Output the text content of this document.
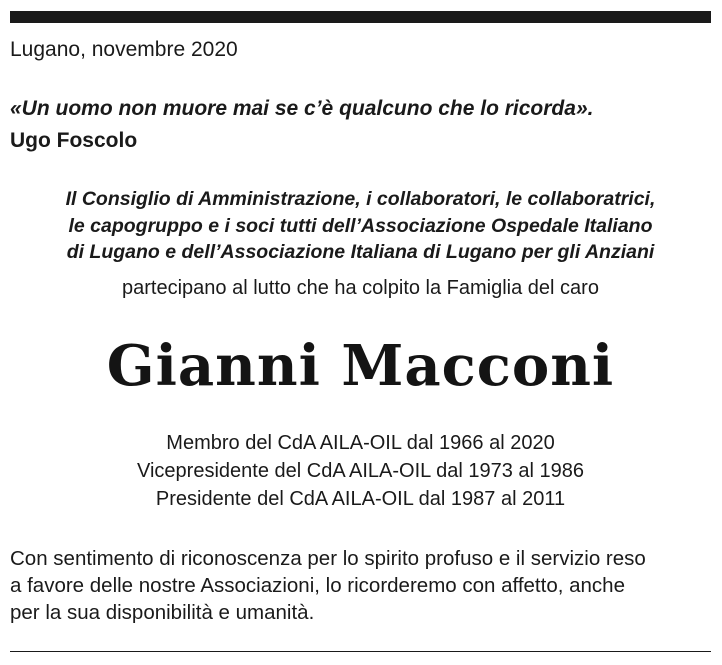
Lugano, novembre 2020
«Un uomo non muore mai se c’è qualcuno che lo ricorda».
Ugo Foscolo
Il Consiglio di Amministrazione, i collaboratori, le collaboratrici,
le capogruppo e i soci tutti dell’Associazione Ospedale Italiano
di Lugano e dell’Associazione Italiana di Lugano per gli Anziani
partecipano al lutto che ha colpito la Famiglia del caro
Gianni Macconi
Membro del CdA AILA-OIL dal 1966 al 2020
Vicepresidente del CdA AILA-OIL dal 1973 al 1986
Presidente del CdA AILA-OIL dal 1987 al 2011
Con sentimento di riconoscenza per lo spirito profuso e il servizio reso
a favore delle nostre Associazioni, lo ricorderemo con affetto, anche
per la sua disponibilità e umanità.
